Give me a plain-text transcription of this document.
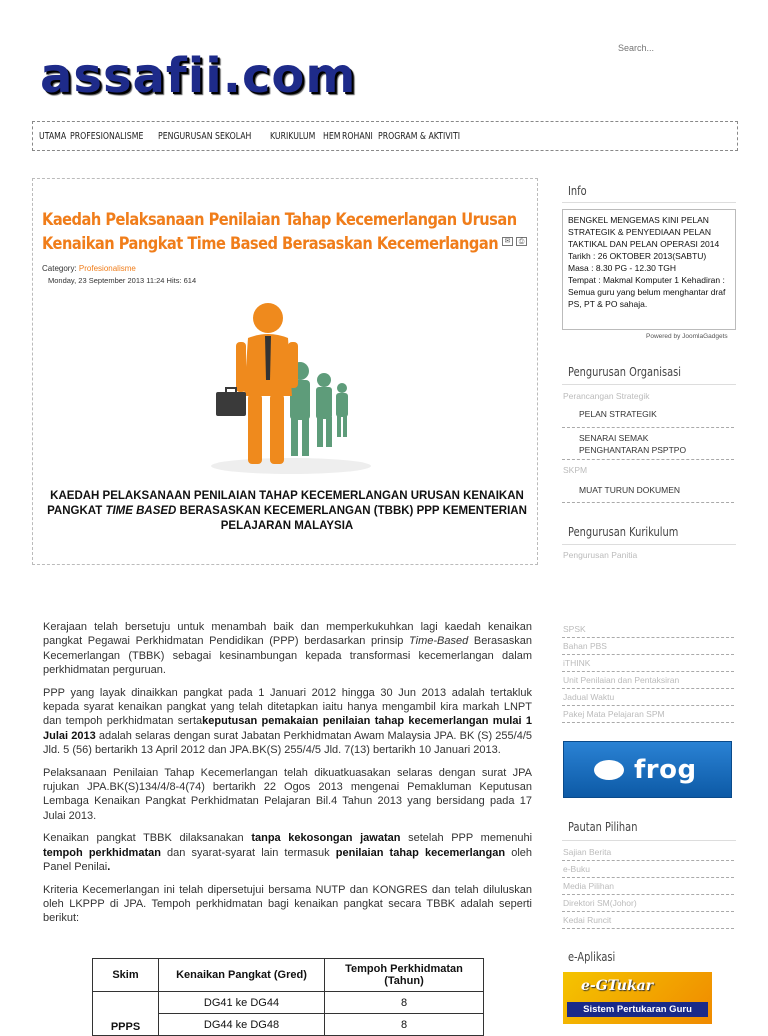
Search...
assafii.com
UTAMA PROFESIONALISME PENGURUSAN SEKOLAH KURIKULUM HEM ROHANI PROGRAM & AKTIVITI
Kaedah Pelaksanaan Penilaian Tahap Kecemerlangan Urusan Kenaikan Pangkat Time Based Berasaskan Kecemerlangan ✉	⎙
Category: Profesionalisme
Monday, 23 September 2013 11:24 Hits: 614

KAEDAH PELAKSANAAN PENILAIAN TAHAP KECEMERLANGAN URUSAN KENAIKAN PANGKAT TIME BASED BERASASKAN KECEMERLANGAN (TBBK) PPP KEMENTERIAN PELAJARAN MALAYSIA

Kerajaan telah bersetuju untuk menambah baik dan memperkukuhkan lagi kaedah kenaikan pangkat Pegawai Perkhidmatan Pendidikan (PPP) berdasarkan prinsip Time-Based Berasaskan Kecemerlangan (TBBK) sebagai kesinambungan kepada transformasi kecemerlangan dalam perkhidmatan perguruan.

PPP yang layak dinaikkan pangkat pada 1 Januari 2012 hingga 30 Jun 2013 adalah tertakluk kepada syarat kenaikan pangkat yang telah ditetapkan iaitu hanya mengambil kira markah LNPT dan tempoh perkhidmatan sertakeputusan pemakaian penilaian tahap kecemerlangan mulai 1 Julai 2013 adalah selaras dengan surat Jabatan Perkhidmatan Awam Malaysia JPA. BK (S) 255/4/5 Jld. 5 (56) bertarikh 13 April 2012 dan JPA.BK(S) 255/4/5 Jld. 7(13) bertarikh 10 Januari 2013.

Pelaksanaan Penilaian Tahap Kecemerlangan telah dikuatkuasakan selaras dengan surat JPA rujukan JPA.BK(S)134/4/8-4(74) bertarikh 22 Ogos 2013 mengenai Pemakluman Keputusan Lembaga Kenaikan Pangkat Perkhidmatan Pelajaran Bil.4 Tahun 2013 yang bersidang pada 17 Julai 2013.

Kenaikan pangkat TBBK dilaksanakan tanpa kekosongan jawatan setelah PPP memenuhi tempoh perkhidmatan dan syarat-syarat lain termasuk penilaian tahap kecemerlangan oleh Panel Penilai.

Kriteria Kecemerlangan ini telah dipersetujui bersama NUTP dan KONGRES dan telah diluluskan oleh LKPPP di JPA. Tempoh perkhidmatan bagi kenaikan pangkat secara TBBK adalah seperti berikut:

Skim	Kenaikan Pangkat (Gred)	Tempoh Perkhidmatan (Tahun)
PPPS	DG41 ke DG44	8
	DG44 ke DG48	8
Info
BENGKEL MENGEMAS KINI PELAN STRATEGIK & PENYEDIAAN PELAN TAKTIKAL DAN PELAN OPERASI 2014
Tarikh : 26 OKTOBER 2013(SABTU)
Masa : 8.30 PG - 12.30 TGH
Tempat : Makmal Komputer 1 Kehadiran :
Semua guru yang belum menghantar draf PS, PT & PO sahaja.
Powered by JoomlaGadgets
Pengurusan Organisasi
Perancangan Strategik
PELAN STRATEGIK
SENARAI SEMAK PENGHANTARAN PSPTPO
SKPM
MUAT TURUN DOKUMEN
Pengurusan Kurikulum
Pengurusan Panitia
SPSK
Bahan PBS
iTHINK
Unit Penilaian dan Pentaksiran
Jadual Waktu
Pakej Mata Pelajaran SPM
frog
Pautan Pilihan
Sajian Berita
e-Buku
Media Pilihan
Direktori SM(Johor)
Kedai Runcit
e-Aplikasi
e-GTukar
Sistem Pertukaran Guru
